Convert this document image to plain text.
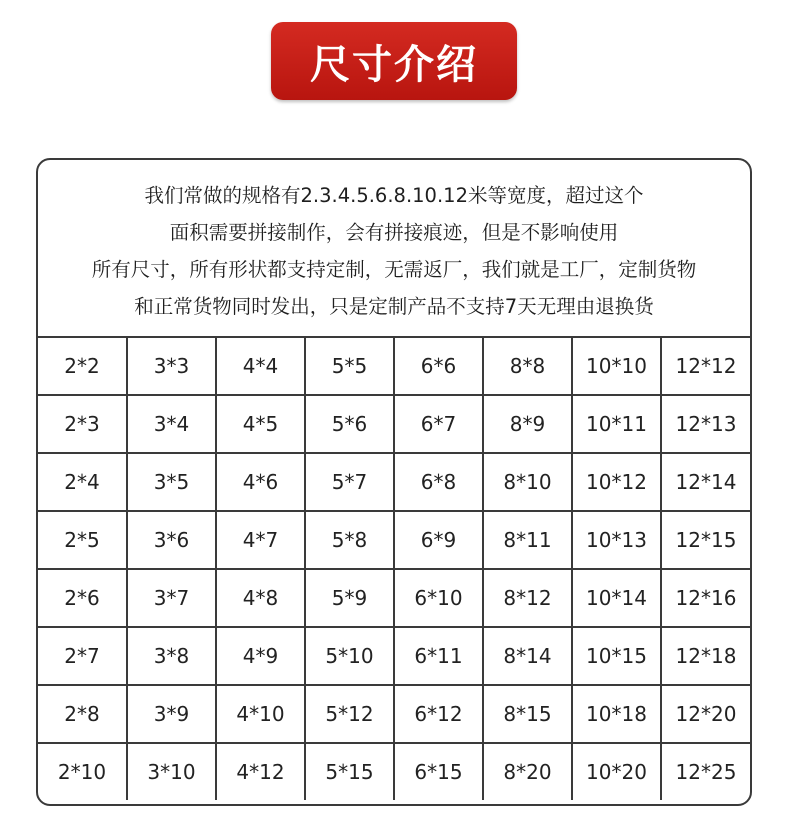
尺寸介绍
我们常做的规格有2.3.4.5.6.8.10.12米等宽度，超过这个
面积需要拼接制作，会有拼接痕迹，但是不影响使用
所有尺寸，所有形状都支持定制，无需返厂，我们就是工厂，定制货物
和正常货物同时发出，只是定制产品不支持7天无理由退换货
2*2	3*3	4*4	5*5	6*6	8*8	10*10	12*12
2*3	3*4	4*5	5*6	6*7	8*9	10*11	12*13
2*4	3*5	4*6	5*7	6*8	8*10	10*12	12*14
2*5	3*6	4*7	5*8	6*9	8*11	10*13	12*15
2*6	3*7	4*8	5*9	6*10	8*12	10*14	12*16
2*7	3*8	4*9	5*10	6*11	8*14	10*15	12*18
2*8	3*9	4*10	5*12	6*12	8*15	10*18	12*20
2*10	3*10	4*12	5*15	6*15	8*20	10*20	12*25
